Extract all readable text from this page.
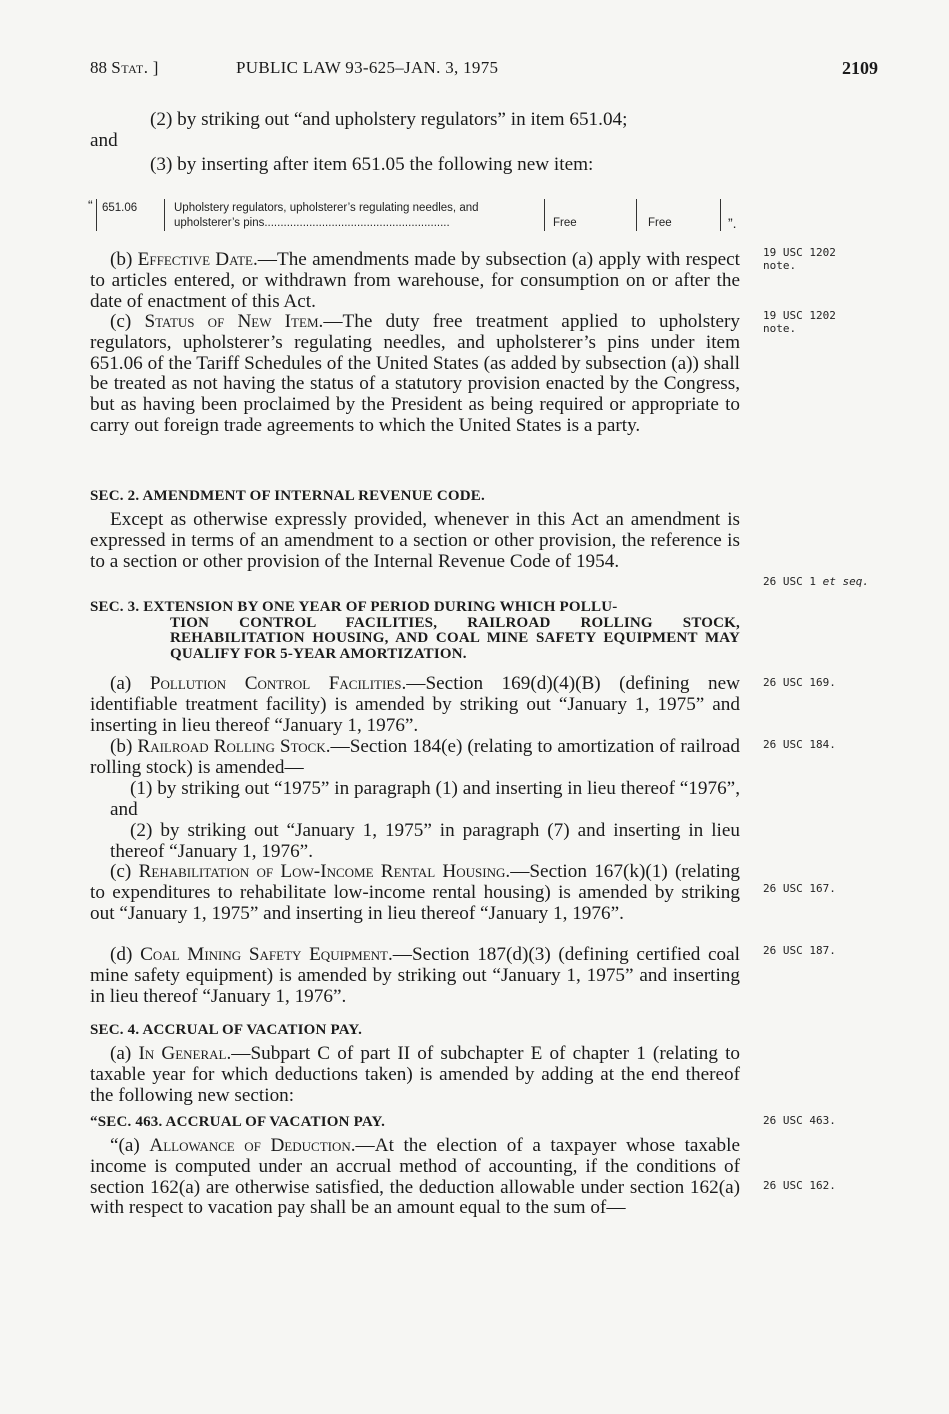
88 Stat. ]	PUBLIC LAW 93-625–JAN. 3, 1975	2109
(2) by striking out “and upholstery regulators” in item 651.04;
and
(3) by inserting after item 651.05 the following new item:
“ 651.06	Upholstery regulators, upholsterer’s regulating needles, and
upholsterer’s pins..........................................................	Free	Free	”.
(b) Effective Date.—The amendments made by subsection (a) apply with respect to articles entered, or withdrawn from warehouse, for consumption on or after the date of enactment of this Act.
19 USC 1202
note.
(c) Status of New Item.—The duty free treatment applied to upholstery regulators, upholsterer’s regulating needles, and upholsterer’s pins under item 651.06 of the Tariff Schedules of the United States (as added by subsection (a)) shall be treated as not having the status of a statutory provision enacted by the Congress, but as having been proclaimed by the President as being required or appropriate to carry out foreign trade agreements to which the United States is a party.
19 USC 1202
note.
SEC. 2. AMENDMENT OF INTERNAL REVENUE CODE.
Except as otherwise expressly provided, whenever in this Act an amendment is expressed in terms of an amendment to a section or other provision, the reference is to a section or other provision of the Internal Revenue Code of 1954.
26 USC 1 et seq.
SEC. 3. EXTENSION BY ONE YEAR OF PERIOD DURING WHICH POLLU-
TION CONTROL FACILITIES, RAILROAD ROLLING STOCK, REHABILITATION HOUSING, AND COAL MINE SAFETY EQUIPMENT MAY QUALIFY FOR 5-YEAR AMORTIZATION.
(a) Pollution Control Facilities.—Section 169(d)(4)(B) (defining new identifiable treatment facility) is amended by striking out “January 1, 1975” and inserting in lieu thereof “January 1, 1976”.
26 USC 169.
(b) Railroad Rolling Stock.—Section 184(e) (relating to amortization of railroad rolling stock) is amended—
26 USC 184.
(1) by striking out “1975” in paragraph (1) and inserting in lieu thereof “1976”, and
(2) by striking out “January 1, 1975” in paragraph (7) and inserting in lieu thereof “January 1, 1976”.
(c) Rehabilitation of Low-Income Rental Housing.—Section 167(k)(1) (relating to expenditures to rehabilitate low-income rental housing) is amended by striking out “January 1, 1975” and inserting in lieu thereof “January 1, 1976”.
26 USC 167.
(d) Coal Mining Safety Equipment.—Section 187(d)(3) (defining certified coal mine safety equipment) is amended by striking out “January 1, 1975” and inserting in lieu thereof “January 1, 1976”.
26 USC 187.
SEC. 4. ACCRUAL OF VACATION PAY.
(a) In General.—Subpart C of part II of subchapter E of chapter 1 (relating to taxable year for which deductions taken) is amended by adding at the end thereof the following new section:
“SEC. 463. ACCRUAL OF VACATION PAY.	26 USC 463.
“(a) Allowance of Deduction.—At the election of a taxpayer whose taxable income is computed under an accrual method of accounting, if the conditions of section 162(a) are otherwise satisfied, the deduction allowable under section 162(a) with respect to vacation pay shall be an amount equal to the sum of—
26 USC 162.
